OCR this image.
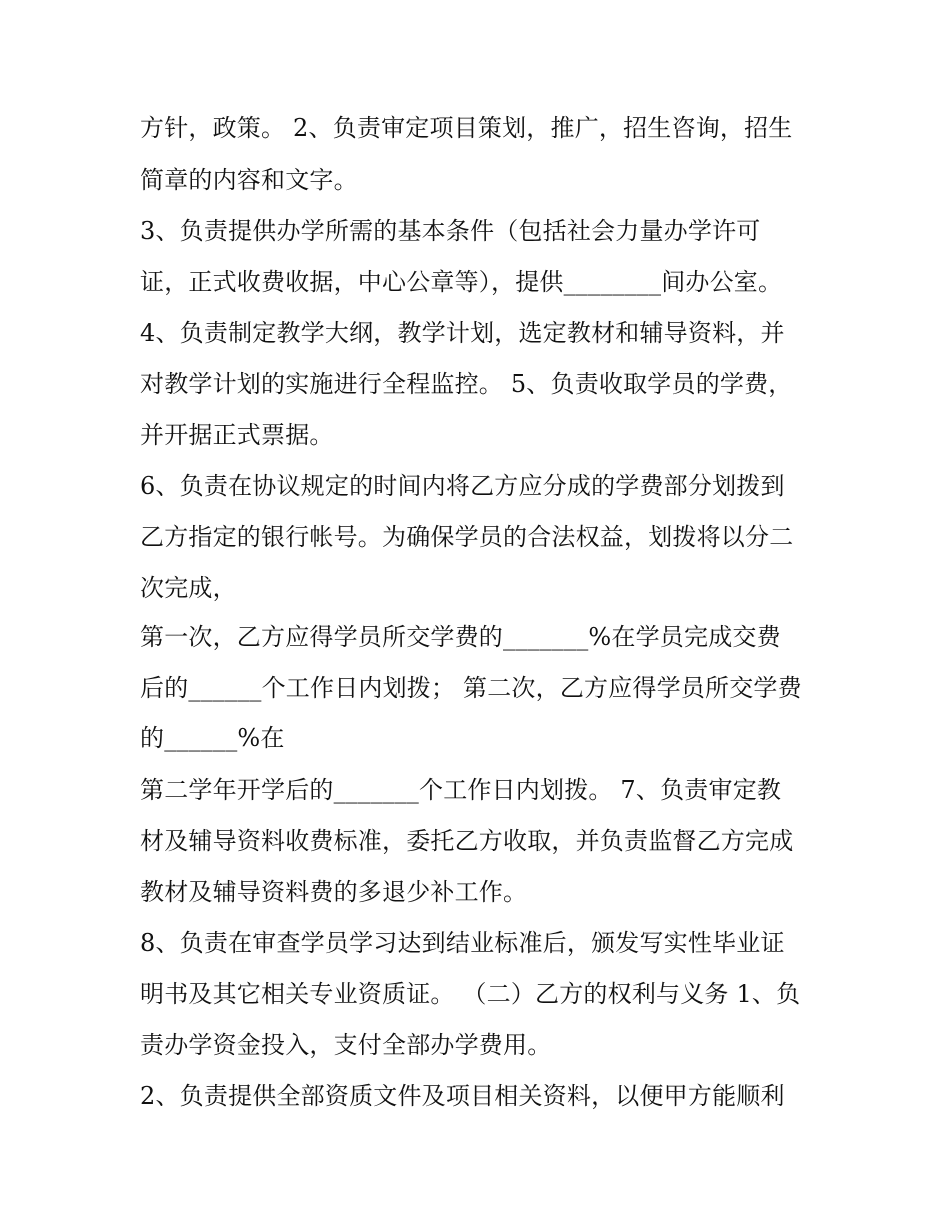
方针，政策。 2、负责审定项目策划，推广，招生咨询，招生
简章的内容和文字。
3、负责提供办学所需的基本条件（包括社会力量办学许可
证，正式收费收据，中心公章等），提供________间办公室。
4、负责制定教学大纲，教学计划，选定教材和辅导资料，并
对教学计划的实施进行全程监控。 5、负责收取学员的学费，
并开据正式票据。
6、负责在协议规定的时间内将乙方应分成的学费部分划拨到
乙方指定的银行帐号。为确保学员的合法权益，划拨将以分二
次完成，
第一次，乙方应得学员所交学费的_______%在学员完成交费
后的______个工作日内划拨； 第二次，乙方应得学员所交学费
的______%在
第二学年开学后的_______个工作日内划拨。 7、负责审定教
材及辅导资料收费标准，委托乙方收取，并负责监督乙方完成
教材及辅导资料费的多退少补工作。
8、负责在审查学员学习达到结业标准后，颁发写实性毕业证
明书及其它相关专业资质证。 （二）乙方的权利与义务 1、负
责办学资金投入，支付全部办学费用。
2、负责提供全部资质文件及项目相关资料，以便甲方能顺利
